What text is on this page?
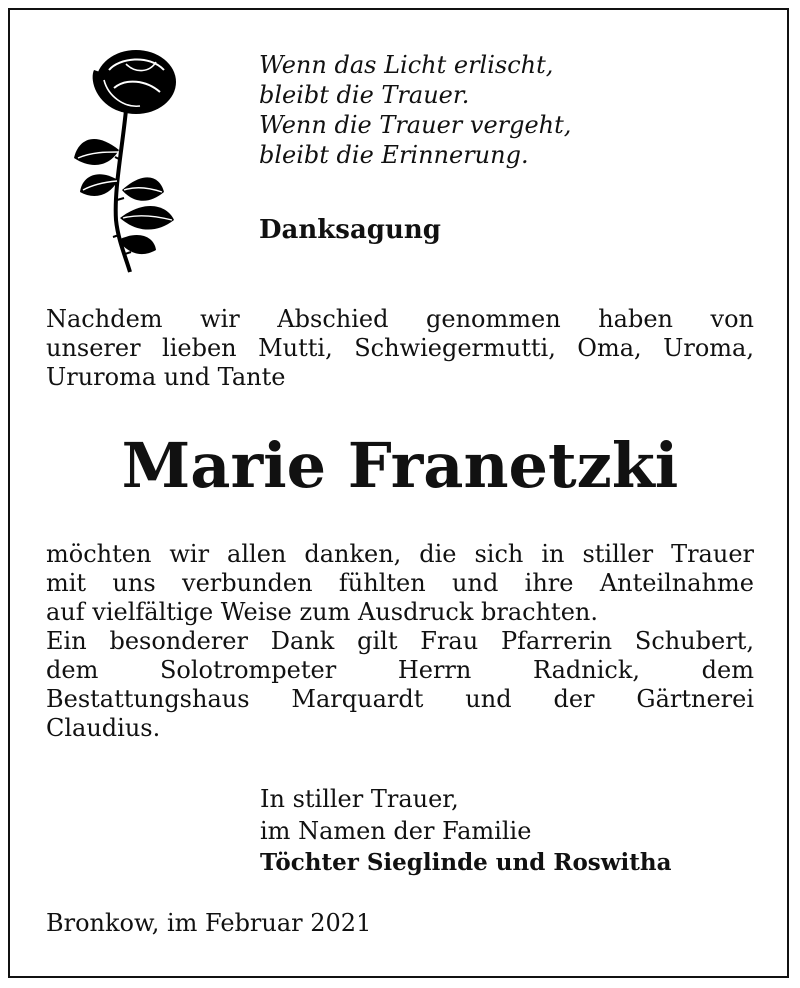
Wenn das Licht erlischt,
bleibt die Trauer.
Wenn die Trauer vergeht,
bleibt die Erinnerung.
Danksagung
Nachdem wir Abschied genommen haben von
unserer lieben Mutti, Schwiegermutti, Oma, Uroma,
Ururoma und Tante
Marie Franetzki
möchten wir allen danken, die sich in stiller Trauer
mit uns verbunden fühlten und ihre Anteilnahme
auf vielfältige Weise zum Ausdruck brachten.
Ein besonderer Dank gilt Frau Pfarrerin Schubert,
dem Solotrompeter Herrn Radnick, dem
Bestattungshaus Marquardt und der Gärtnerei
Claudius.
In stiller Trauer,
im Namen der Familie
Töchter Sieglinde und Roswitha
Bronkow, im Februar 2021
